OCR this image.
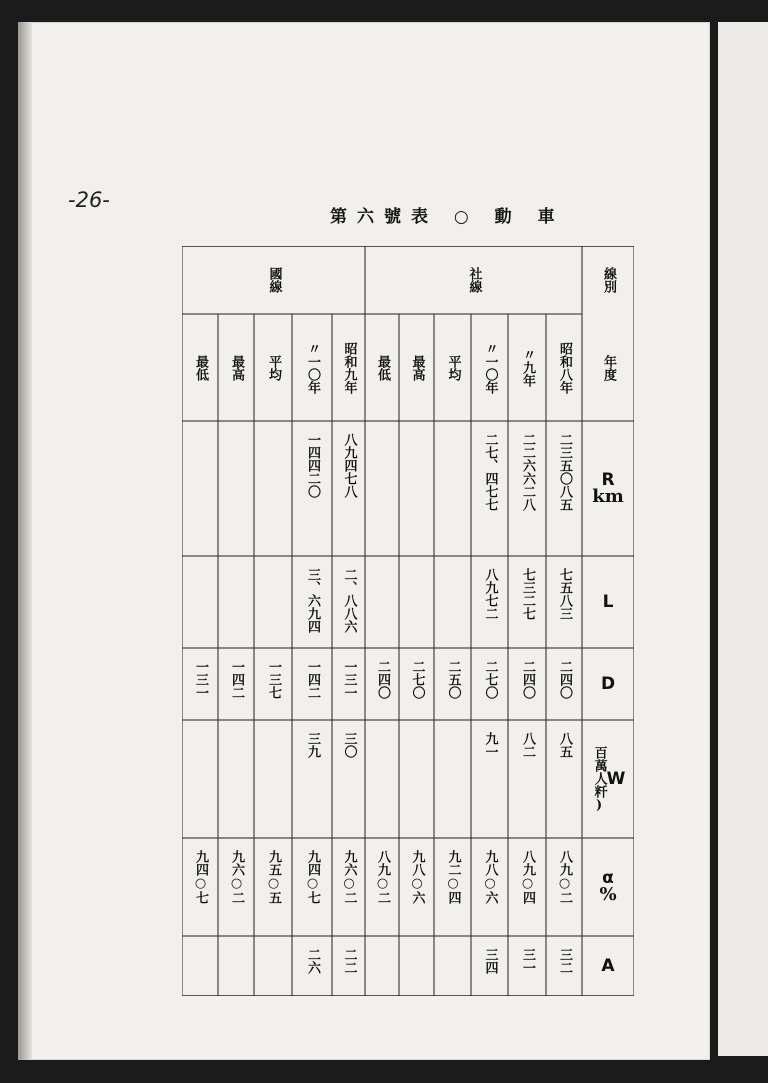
-26-
第六號表 ○ 動 車
線別
社線
國線
年度
昭和八年
〃九年
〃一〇年
平均
最高
最低
昭和九年
〃一〇年
平均
最高
最低
R
km
L
D
W
百萬人粁)
α
%
A
二三五〇八五
二二六六二八
二七、四七七
八九四七八
一四四二〇
七五八三
七三二七
八九七二
二、八八六
三、六九四
二四〇
二四〇
二七〇
二五〇
二七〇
二四〇
一三一
一四二
一三七
一四二
一三一
八五
八二
九一
三〇
三九
八九○二
八九○四
九八○六
九二○四
九八○六
八九○二
九六○二
九四○七
九五○五
九六○二
九四○七
三二
三一
三四
二二
二六
